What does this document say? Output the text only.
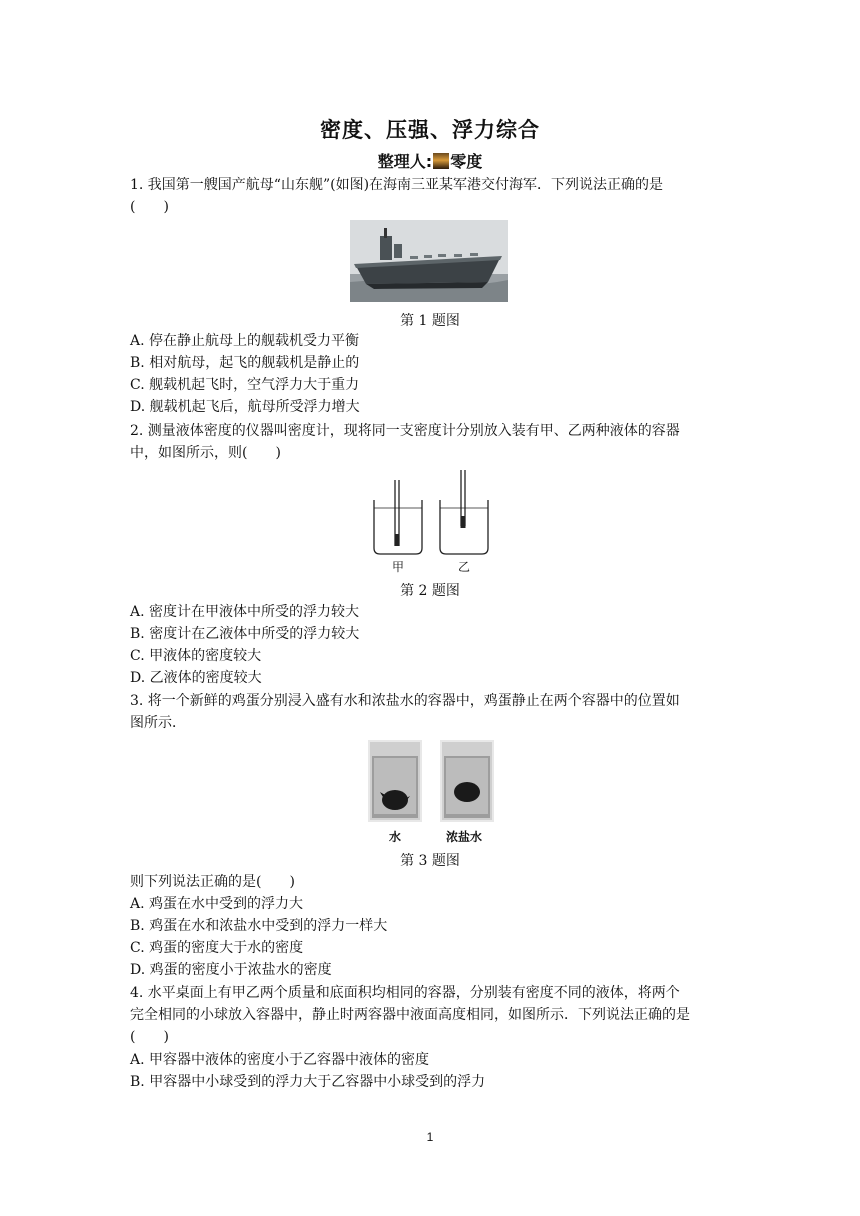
密度、压强、浮力综合
整理人: 零度
1. 我国第一艘国产航母“山东舰”(如图)在海南三亚某军港交付海军．下列说法正确的是
(　　)
第 1 题图
A. 停在静止航母上的舰载机受力平衡
B. 相对航母，起飞的舰载机是静止的
C. 舰载机起飞时，空气浮力大于重力
D. 舰载机起飞后，航母所受浮力增大
2. 测量液体密度的仪器叫密度计，现将同一支密度计分别放入装有甲、乙两种液体的容器
中，如图所示，则(　　)
甲	乙
第 2 题图
A. 密度计在甲液体中所受的浮力较大
B. 密度计在乙液体中所受的浮力较大
C. 甲液体的密度较大
D. 乙液体的密度较大
3. 将一个新鲜的鸡蛋分别浸入盛有水和浓盐水的容器中，鸡蛋静止在两个容器中的位置如
图所示．
水	浓盐水
第 3 题图
则下列说法正确的是(　　)
A. 鸡蛋在水中受到的浮力大
B. 鸡蛋在水和浓盐水中受到的浮力一样大
C. 鸡蛋的密度大于水的密度
D. 鸡蛋的密度小于浓盐水的密度
4. 水平桌面上有甲乙两个质量和底面积均相同的容器，分别装有密度不同的液体，将两个
完全相同的小球放入容器中，静止时两容器中液面高度相同，如图所示．下列说法正确的是
(　　)
A. 甲容器中液体的密度小于乙容器中液体的密度
B. 甲容器中小球受到的浮力大于乙容器中小球受到的浮力
1
